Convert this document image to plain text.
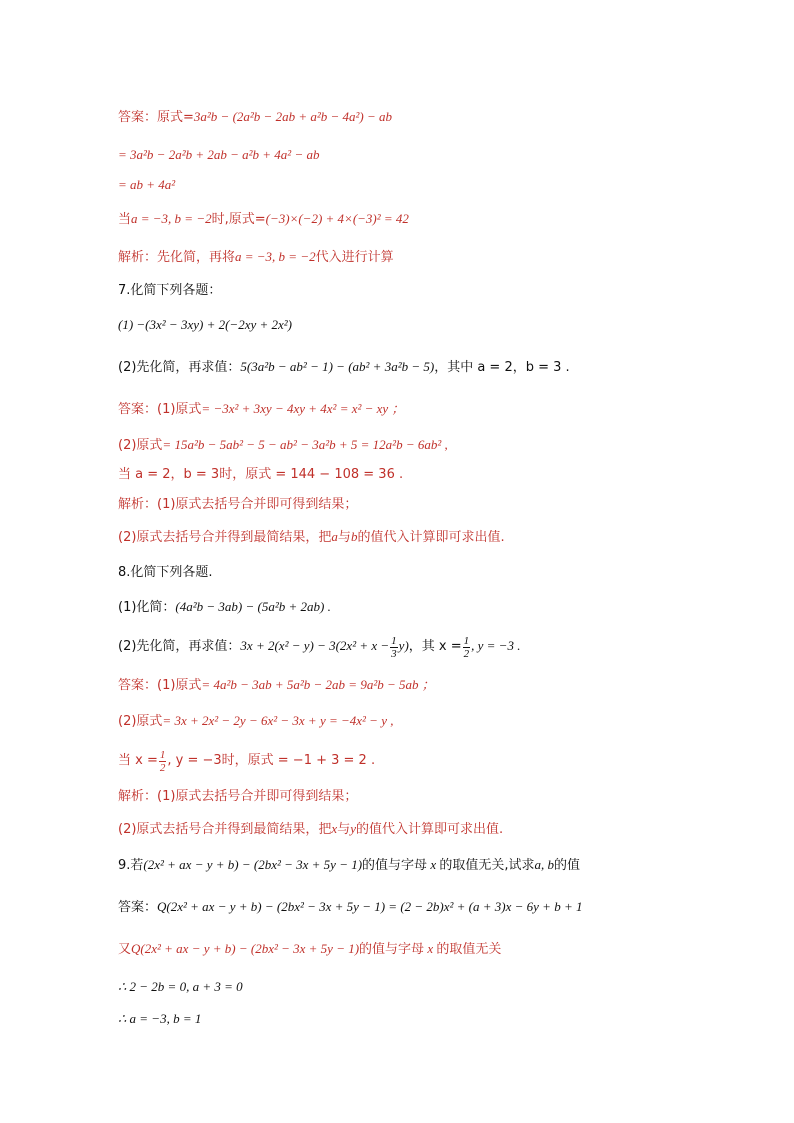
答案：原式=3a²b − (2a²b − 2ab + a²b − 4a²) − ab
= 3a²b − 2a²b + 2ab − a²b + 4a² − ab
= ab + 4a²
当a = −3, b = −2时,原式=(−3)×(−2) + 4×(−3)² = 42
解析：先化简，再将a = −3, b = −2代入进行计算
7.化简下列各题：
(1) −(3x² − 3xy) + 2(−2xy + 2x²)
(2)先化简，再求值：5(3a²b − ab² − 1) − (ab² + 3a²b − 5)，其中 a = 2，b = 3 .
答案：(1)原式= −3x² + 3xy − 4xy + 4x² = x² − xy ；
(2)原式= 15a²b − 5ab² − 5 − ab² − 3a²b + 5 = 12a²b − 6ab² ,
当 a = 2，b = 3时，原式 = 144 − 108 = 36 .
解析：(1)原式去括号合并即可得到结果；
(2)原式去括号合并得到最简结果，把a与b的值代入计算即可求出值.
8.化简下列各题.
(1)化简：(4a²b − 3ab) − (5a²b + 2ab) .
(2)先化简，再求值：$3x + 2(x^2 - y) - 3(2x^2 + x - \frac{1}{3} y)$，其 $x = \frac{1}{2}$ , y = −3 .
答案：(1)原式= 4a²b − 3ab + 5a²b − 2ab = 9a²b − 5ab ；
(2)原式= 3x + 2x² − 2y − 6x² − 3x + y = −4x² − y ,
当 $x = \frac{1}{2}$ , y = −3时，原式 = −1 + 3 = 2 .
解析：(1)原式去括号合并即可得到结果；
(2)原式去括号合并得到最简结果，把x与y的值代入计算即可求出值.
9.若(2x² + ax − y + b) − (2bx² − 3x + 5y − 1)的值与字母 x 的取值无关,试求a, b的值
答案：Q(2x² + ax − y + b) − (2bx² − 3x + 5y − 1) = (2 − 2b)x² + (a + 3)x − 6y + b + 1
又Q(2x² + ax − y + b) − (2bx² − 3x + 5y − 1)的值与字母 x 的取值无关
∴ 2 − 2b = 0, a + 3 = 0
∴ a = −3, b = 1
